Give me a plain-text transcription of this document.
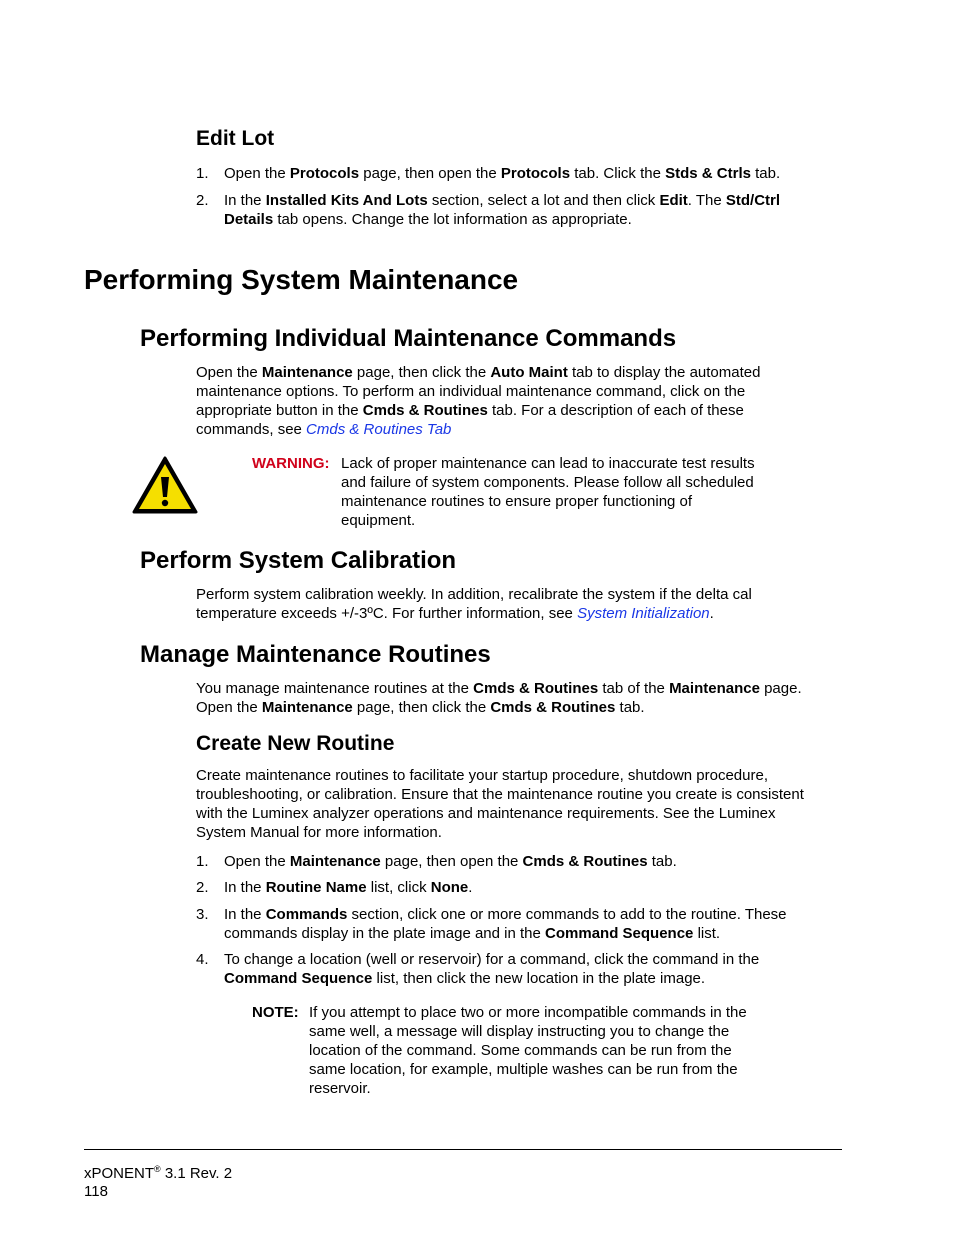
Edit Lot
1. Open the Protocols page, then open the Protocols tab. Click the Stds & Ctrls tab.
2. In the Installed Kits And Lots section, select a lot and then click Edit. The Std/Ctrl
Details tab opens. Change the lot information as appropriate.
Performing System Maintenance
Performing Individual Maintenance Commands
Open the Maintenance page, then click the Auto Maint tab to display the automated
maintenance options. To perform an individual maintenance command, click on the
appropriate button in the Cmds & Routines tab. For a description of each of these
commands, see Cmds & Routines Tab
WARNING: Lack of proper maintenance can lead to inaccurate test results
and failure of system components. Please follow all scheduled
maintenance routines to ensure proper functioning of
equipment.
Perform System Calibration
Perform system calibration weekly. In addition, recalibrate the system if the delta cal
temperature exceeds +/-3ºC. For further information, see System Initialization.
Manage Maintenance Routines
You manage maintenance routines at the Cmds & Routines tab of the Maintenance page.
Open the Maintenance page, then click the Cmds & Routines tab.
Create New Routine
Create maintenance routines to facilitate your startup procedure, shutdown procedure,
troubleshooting, or calibration. Ensure that the maintenance routine you create is consistent
with the Luminex analyzer operations and maintenance requirements. See the Luminex
System Manual for more information.
1. Open the Maintenance page, then open the Cmds & Routines tab.
2. In the Routine Name list, click None.
3. In the Commands section, click one or more commands to add to the routine. These
commands display in the plate image and in the Command Sequence list.
4. To change a location (well or reservoir) for a command, click the command in the
Command Sequence list, then click the new location in the plate image.
NOTE: If you attempt to place two or more incompatible commands in the
same well, a message will display instructing you to change the
location of the command. Some commands can be run from the
same location, for example, multiple washes can be run from the
reservoir.
xPONENT® 3.1 Rev. 2
118
